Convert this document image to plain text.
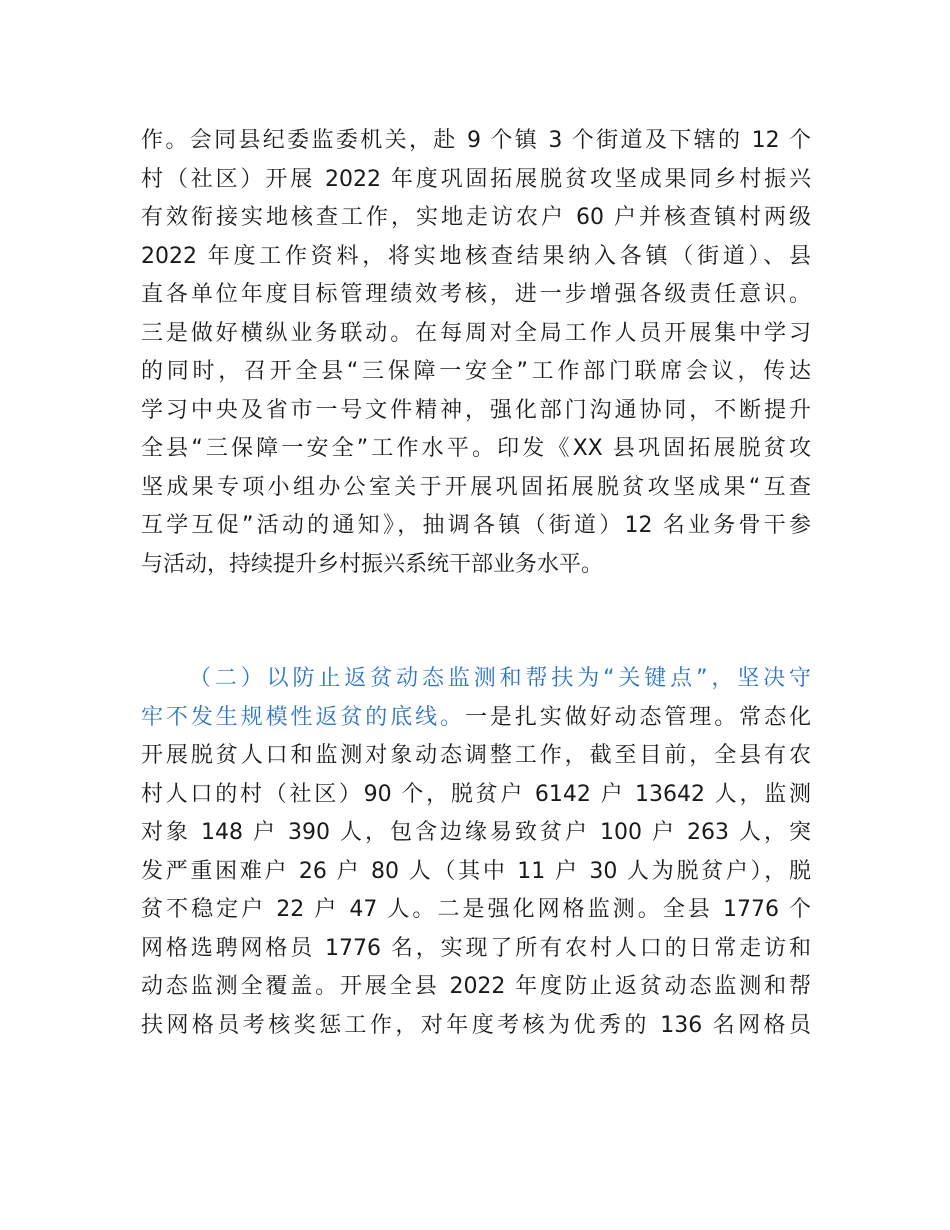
作。会同县纪委监委机关，赴 9 个镇 3 个街道及下辖的 12 个
村（社区）开展 2022 年度巩固拓展脱贫攻坚成果同乡村振兴
有效衔接实地核查工作，实地走访农户 60 户并核查镇村两级
2022 年度工作资料，将实地核查结果纳入各镇（街道）、县
直各单位年度目标管理绩效考核，进一步增强各级责任意识。
三是做好横纵业务联动。在每周对全局工作人员开展集中学习
的同时，召开全县“三保障一安全”工作部门联席会议，传达
学习中央及省市一号文件精神，强化部门沟通协同，不断提升
全县“三保障一安全”工作水平。印发《XX 县巩固拓展脱贫攻
坚成果专项小组办公室关于开展巩固拓展脱贫攻坚成果“互查
互学互促”活动的通知》，抽调各镇（街道）12 名业务骨干参
与活动，持续提升乡村振兴系统干部业务水平。
（二）以防止返贫动态监测和帮扶为“关键点”，坚决守
牢不发生规模性返贫的底线。一是扎实做好动态管理。常态化
开展脱贫人口和监测对象动态调整工作，截至目前，全县有农
村人口的村（社区）90 个，脱贫户 6142 户 13642 人，监测
对象 148 户 390 人，包含边缘易致贫户 100 户 263 人，突
发严重困难户 26 户 80 人（其中 11 户 30 人为脱贫户），脱
贫不稳定户 22 户 47 人。二是强化网格监测。全县 1776 个
网格选聘网格员 1776 名，实现了所有农村人口的日常走访和
动态监测全覆盖。开展全县 2022 年度防止返贫动态监测和帮
扶网格员考核奖惩工作，对年度考核为优秀的 136 名网格员
